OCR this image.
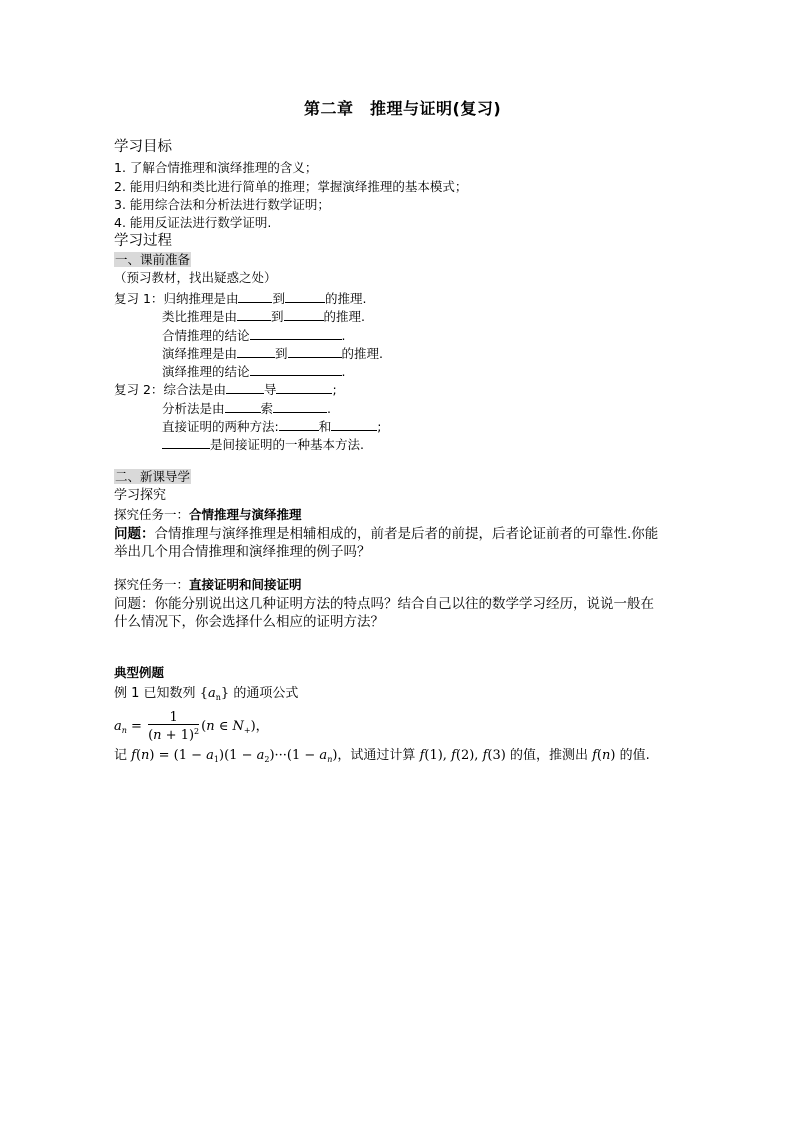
第二章　推理与证明(复习)
学习目标
1. 了解合情推理和演绎推理的含义；
2. 能用归纳和类比进行简单的推理；掌握演绎推理的基本模式；
3. 能用综合法和分析法进行数学证明；
4. 能用反证法进行数学证明.
学习过程
一、课前准备
（预习教材，找出疑惑之处）
复习 1：归纳推理是由	到	的推理.
类比推理是由	到	的推理.
合情推理的结论	.
演绎推理是由	到	的推理.
演绎推理的结论	.
复习 2：综合法是由	导	;
分析法是由	索	.
直接证明的两种方法:	和	;
是间接证明的一种基本方法.
二、新课导学
学习探究
探究任务一：合情推理与演绎推理
问题：合情推理与演绎推理是相辅相成的，前者是后者的前提，后者论证前者的可靠性.你能
举出几个用合情推理和演绎推理的例子吗？
探究任务一：直接证明和间接证明
问题：你能分别说出这几种证明方法的特点吗？结合自己以往的数学学习经历，说说一般在
什么情况下，你会选择什么相应的证明方法？
典型例题
例 1 已知数列 $\{a_n\}$ 的通项公式
$a_n = \frac{1}{(n + 1)^2} (n$ ∈ $N_+$)，
记 $f(n) = (1 - a_1)(1 - a_2)\cdot\cdot\cdot(1 - a_n)$，试通过计算 f(1), f(2), f(3) 的值，推测出 f(n) 的值.
